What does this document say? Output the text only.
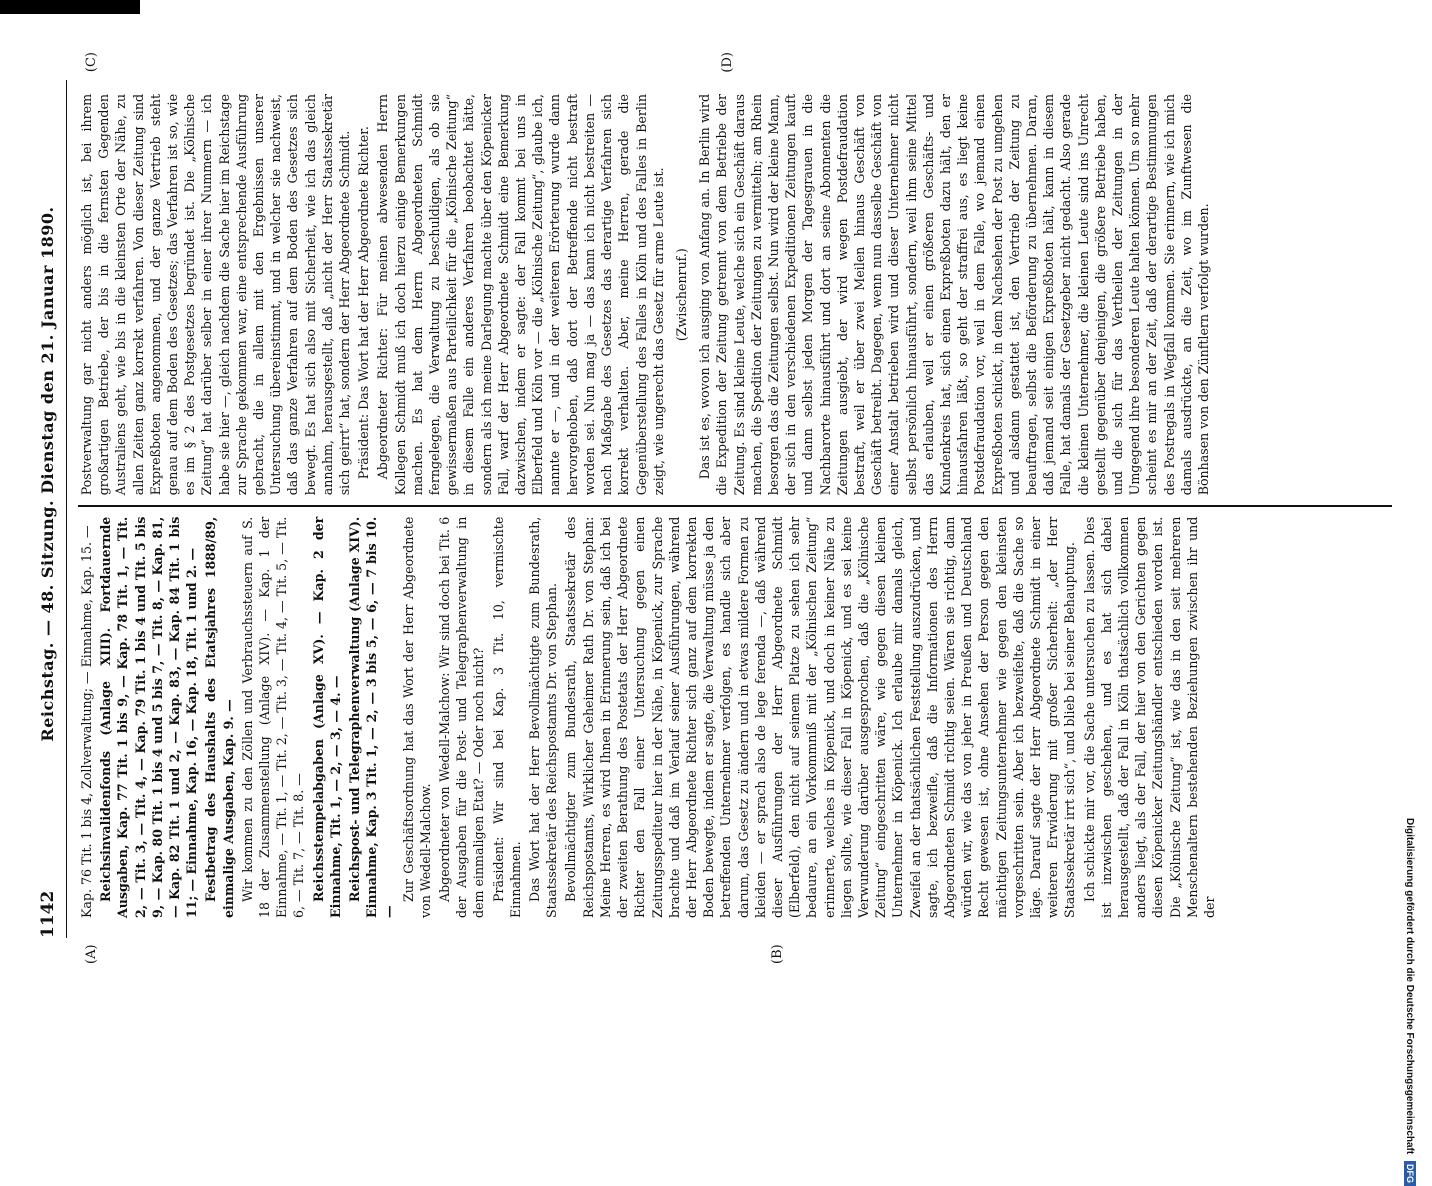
1142
Reichstag. — 48. Sitzung. Dienstag den 21. Januar 1890.
(A)	(B)
(C)	(D)

Kap. 76 Tit. 1 bis 4, Zollverwaltung; — Einnahme, Kap. 15. — Reichsinvalidenfonds (Anlage XIII). Fortdauernde Ausgaben, Kap. 77 Tit. 1 bis 9, — Kap. 78 Tit. 1, — Tit. 2, — Tit. 3, — Tit. 4, — Kap. 79 Tit. 1 bis 4 und Tit. 5 bis 9, — Kap. 80 Tit. 1 bis 4 und 5 bis 7, — Tit. 8, — Kap. 81, — Kap. 82 Tit. 1 und 2, — Kap. 83, — Kap. 84 Tit. 1 bis 11; — Einnahme, Kap. 16, — Kap. 18, Tit. 1 und 2. — Festbetrag des Haushalts des Etatsjahres 1888/89, einmalige Ausgaben, Kap. 9. — Wir kommen zu den Zöllen und Verbrauchssteuern auf S. 18 der Zusammenstellung (Anlage XIV). — Kap. 1 der Einnahme, — Tit. 1, — Tit. 2, — Tit. 3, — Tit. 4, — Tit. 5, — Tit. 6, — Tit. 7, — Tit. 8. — Reichsstempelabgaben (Anlage XV). — Kap. 2 der Einnahme, Tit. 1, — 2, — 3, — 4. — Reichspost- und Telegraphenverwaltung (Anlage XIV). Einnahme, Kap. 3 Tit. 1, — 2, — 3 bis 5, — 6, — 7 bis 10. —

Zur Geschäftsordnung hat das Wort der Herr Abgeordnete von Wedell-Malchow. Abgeordneter von Wedell-Malchow: Wir sind doch bei Tit. 6 der Ausgaben für die Post- und Telegraphenverwaltung in dem einmaligen Etat? — Oder noch nicht? Präsident: Wir sind bei Kap. 3 Tit. 10, vermischte Einnahmen. Das Wort hat der Herr Bevollmächtigte zum Bundesrath, Staatssekretär des Reichspostamts Dr. von Stephan. Bevollmächtigter zum Bundesrath, Staatssekretär des Reichspostamts, Wirklicher Geheimer Rath Dr. von Stephan: Meine Herren, es wird Ihnen in Erinnerung sein, daß ich bei der zweiten Berathung des Postetats der Herr Abgeordnete Richter den Fall einer Untersuchung gegen einen Zeitungsspediteur hier in der Nähe, in Köpenick, zur Sprache brachte und daß im Verlauf seiner Ausführungen, während der Herr Abgeordnete Richter sich ganz auf dem korrekten Boden bewegte, indem er sagte, die Verwaltung müsse ja den betreffenden Unternehmer verfolgen, es handle sich aber darum, das Gesetz zu ändern und in etwas mildere Formen zu kleiden — er sprach also de lege ferenda —, daß während dieser Ausführungen der Herr Abgeordnete Schmidt (Elberfeld), den nicht auf seinem Platze zu sehen ich sehr bedaure, an ein Vorkommniß mit der „Kölnischen Zeitung“ erinnerte, welches in Köpenick, und doch in keiner Nähe zu liegen sollte, wie dieser Fall in Köpenick, und es sei keine Verwunderung darüber ausgesprochen, daß die „Kölnische Zeitung“ eingeschritten wäre, wie gegen diesen kleinen Unternehmer in Köpenick. Ich erlaube mir damals gleich, Zweifel an der thatsächlichen Feststellung auszudrücken, und sagte, ich bezweifle, daß die Informationen des Herrn Abgeordneten Schmidt richtig seien. Wären sie richtig, dann würden wir, wie das von jeher in Preußen und Deutschland Recht gewesen ist, ohne Ansehen der Person gegen den mächtigen Zeitungsunternehmer wie gegen den kleinsten vorgeschritten sein. Aber ich bezweifelte, daß die Sache so läge. Darauf sagte der Herr Abgeordnete Schmidt in einer weiteren Erwiderung mit großer Sicherheit: „der Herr Staatssekretär irrt sich“, und blieb bei seiner Behauptung. Ich schickte mir vor, die Sache untersuchen zu lassen. Dies ist inzwischen geschehen, und es hat sich dabei herausgestellt, daß der Fall in Köln thatsächlich vollkommen anders liegt, als der Fall, der hier von den Gerichten gegen diesen Köpenicker Zeitungshändler entschieden worden ist. Die „Kölnische Zeitung“ ist, wie das in den seit mehreren Menschenaltern bestehenden Beziehungen zwischen ihr und der

Postverwaltung gar nicht anders möglich ist, bei ihrem großartigen Betriebe, der bis in die fernsten Gegenden Australiens geht, wie bis in die kleinsten Orte der Nähe, zu allen Zeiten ganz korrekt verfahren. Von dieser Zeitung sind Expreßboten angenommen, und der ganze Vertrieb steht genau auf dem Boden des Gesetzes; das Verfahren ist so, wie es im § 2 des Postgesetzes begründet ist. Die „Kölnische Zeitung“ hat darüber selber in einer ihrer Nummern — ich habe sie hier —, gleich nachdem die Sache hier im Reichstage zur Sprache gekommen war, eine entsprechende Ausführung gebracht, die in allem mit den Ergebnissen unserer Untersuchung übereinstimmt, und in welcher sie nachweist, daß das ganze Verfahren auf dem Boden des Gesetzes sich bewegt. Es hat sich also mit Sicherheit, wie ich das gleich annahm, herausgestellt, daß „nicht der Herr Staatssekretär sich geirrt“ hat, sondern der Herr Abgeordnete Schmidt. Präsident: Das Wort hat der Herr Abgeordnete Richter. Abgeordneter Richter: Für meinen abwesenden Herrn Kollegen Schmidt muß ich doch hierzu einige Bemerkungen machen. Es hat dem Herrn Abgeordneten Schmidt ferngelegen, die Verwaltung zu beschuldigen, als ob sie gewissermaßen aus Parteilichkeit für die „Kölnische Zeitung“ in diesem Falle ein anderes Verfahren beobachtet hätte, sondern als ich meine Darlegung machte über den Köpenicker Fall, warf der Herr Abgeordnete Schmidt eine Bemerkung dazwischen, indem er sagte: der Fall kommt bei uns in Elberfeld und Köln vor — die „Kölnische Zeitung“, glaube ich, nannte er —, und in der weiteren Erörterung wurde dann hervorgehoben, daß dort der Betreffende nicht bestraft worden sei. Nun mag ja — das kann ich nicht bestreiten — nach Maßgabe des Gesetzes das derartige Verfahren sich korrekt verhalten. Aber, meine Herren, gerade die Gegenüberstellung des Falles in Köln und des Falles in Berlin zeigt, wie ungerecht das Gesetz für arme Leute ist. (Zwischenruf.) Das ist es, wovon ich ausging von Anfang an. In Berlin wird die Expedition der Zeitung getrennt von dem Betriebe der Zeitung. Es sind kleine Leute, welche sich ein Geschäft daraus machen, die Spedition der Zeitungen zu vermitteln; am Rhein besorgen das die Zeitungen selbst. Nun wird der kleine Mann, der sich in den verschiedenen Expeditionen Zeitungen kauft und dann selbst jeden Morgen der Tagesgrauen in die Nachbarorte hinausführt und dort an seine Abonnenten die Zeitungen ausgiebt, der wird wegen Postdefraudation bestraft, weil er über zwei Meilen hinaus Geschäft von Geschäft betreibt. Dagegen, wenn nun dasselbe Geschäft von einer Anstalt betrieben wird und dieser Unternehmer nicht selbst persönlich hinausführt, sondern, weil ihm seine Mittel das erlauben, weil er einen größeren Geschäfts- und Kundenkreis hat, sich einen Expreßboten dazu hält, den er hinausfahren läßt, so geht der straffrei aus, es liegt keine Postdefraudation vor, weil in dem Falle, wo jemand einen Expreßboten schickt, in dem Nachsehen der Post zu umgehen und alsdann gestattet ist, den Vertrieb der Zeitung zu beauftragen, selbst die Beförderung zu übernehmen. Daran, daß jemand seit einigen Expreßboten hält, kann in diesem Falle, hat damals der Gesetzgeber nicht gedacht. Also gerade die kleinen Unternehmer, die kleinen Leute sind ins Unrecht gestellt gegenüber denjenigen, die größere Betriebe haben, und die sich für das Vertheilen der Zeitungen in der Umgegend ihre besonderen Leute halten können. Um so mehr scheint es mir an der Zeit, daß der derartige Bestimmungen des Postregals in Wegfall kommen. Sie erinnern, wie ich mich damals ausdrückte, an die Zeit, wo im Zunftwesen die Bönhasen von den Zünftlern verfolgt wurden.

Digitalisierung gefördert durch die Deutsche Forschungsgemeinschaft DFG
